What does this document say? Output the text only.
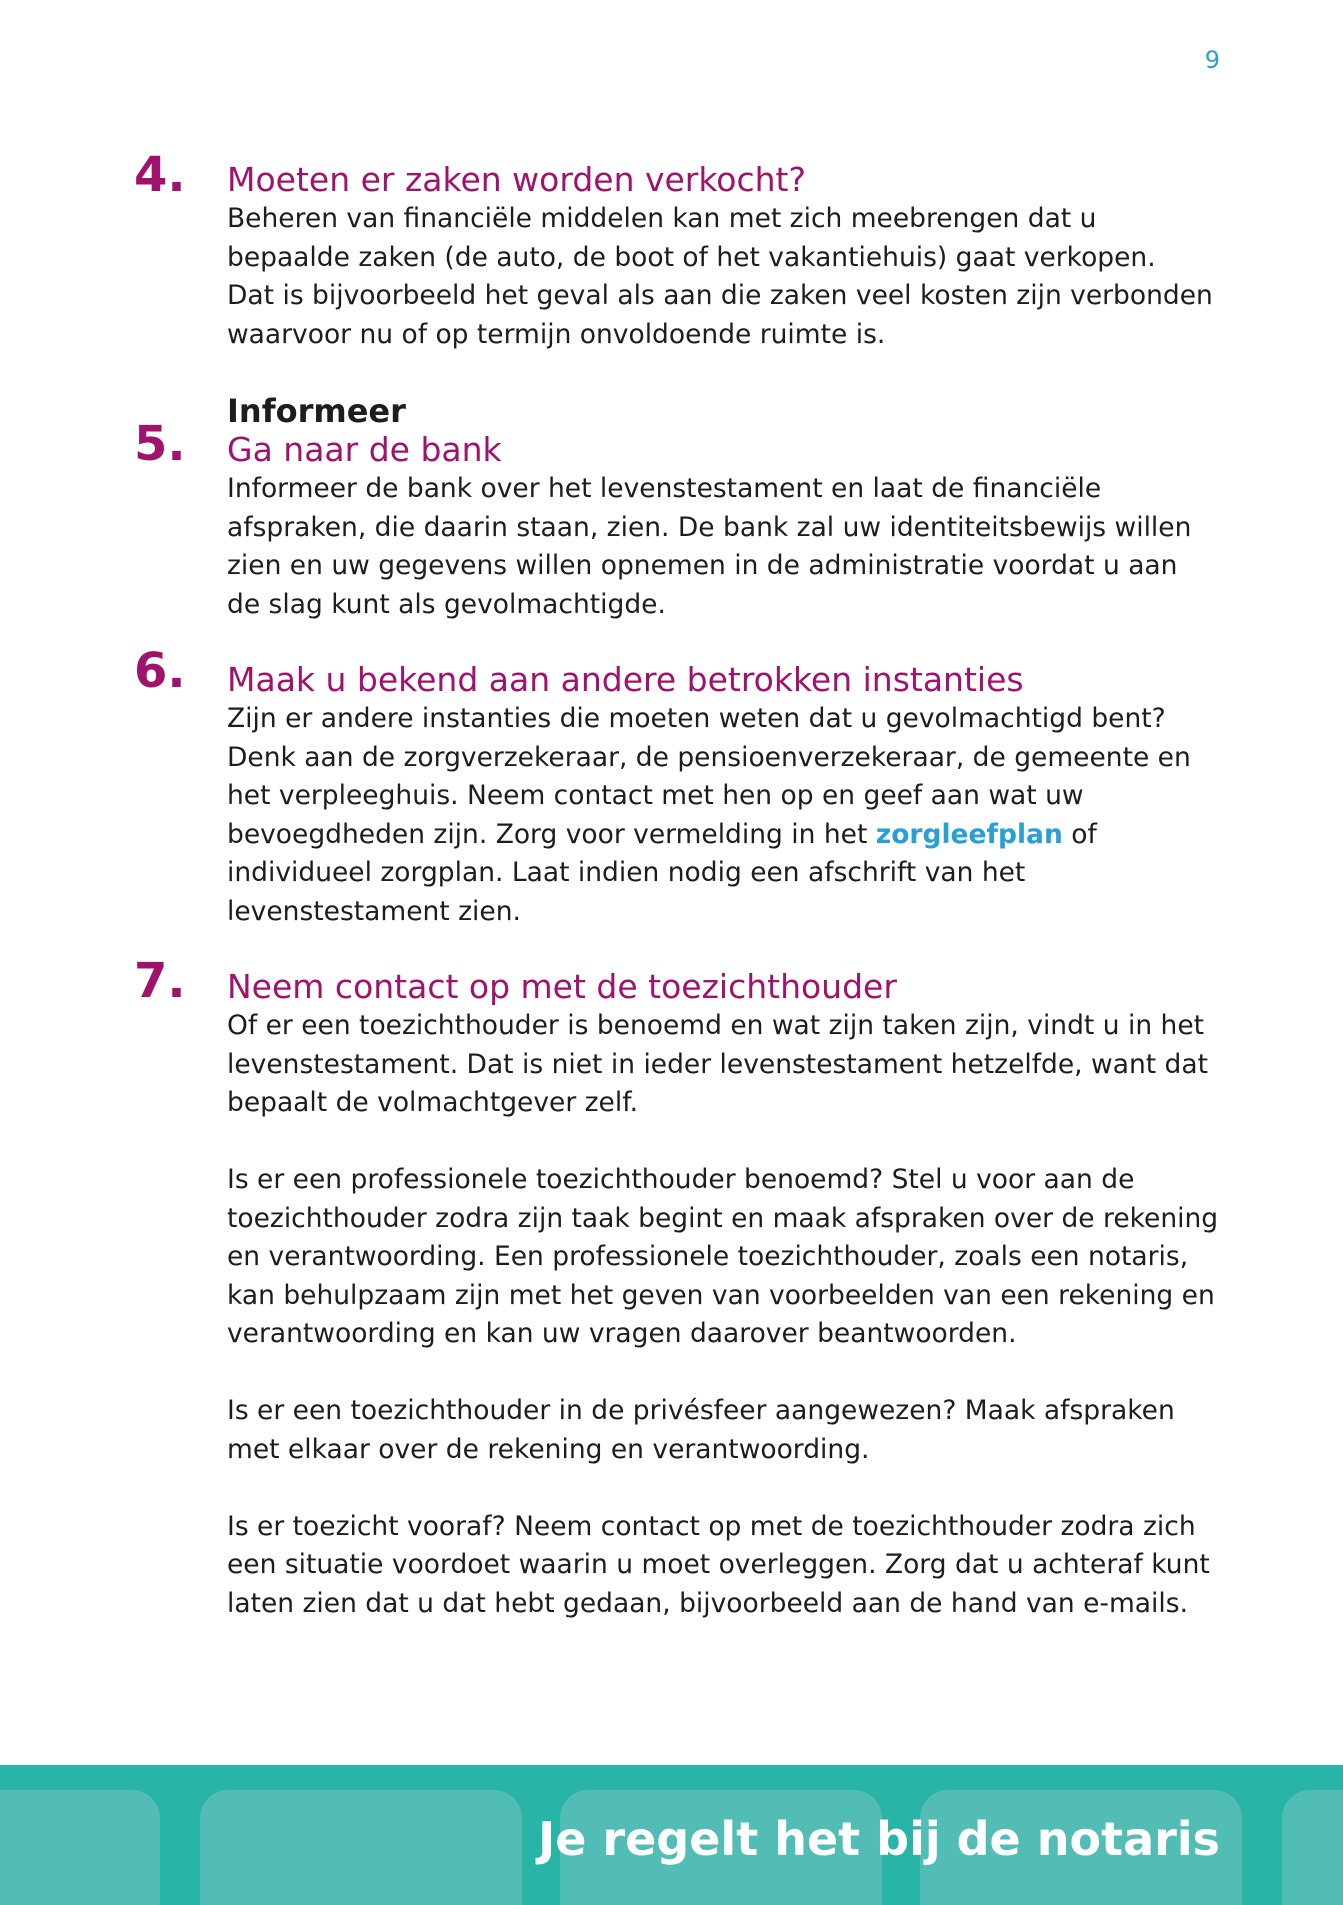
9
4. Moeten er zaken worden verkocht?

Beheren van financiële middelen kan met zich meebrengen dat u
bepaalde zaken (de auto, de boot of het vakantiehuis) gaat verkopen.
Dat is bijvoorbeeld het geval als aan die zaken veel kosten zijn verbonden
waarvoor nu of op termijn onvoldoende ruimte is.

5.
Informeer
Ga naar de bank

Informeer de bank over het levenstestament en laat de financiële
afspraken, die daarin staan, zien. De bank zal uw identiteitsbewijs willen
zien en uw gegevens willen opnemen in de administratie voordat u aan
de slag kunt als gevolmachtigde.

6. Maak u bekend aan andere betrokken instanties

Zijn er andere instanties die moeten weten dat u gevolmachtigd bent?
Denk aan de zorgverzekeraar, de pensioenverzekeraar, de gemeente en
het verpleeghuis. Neem contact met hen op en geef aan wat uw
bevoegdheden zijn. Zorg voor vermelding in het zorgleefplan of
individueel zorgplan. Laat indien nodig een afschrift van het
levenstestament zien.

7. Neem contact op met de toezichthouder

Of er een toezichthouder is benoemd en wat zijn taken zijn, vindt u in het
levenstestament. Dat is niet in ieder levenstestament hetzelfde, want dat
bepaalt de volmachtgever zelf.

Is er een professionele toezichthouder benoemd? Stel u voor aan de
toezichthouder zodra zijn taak begint en maak afspraken over de rekening
en verantwoording. Een professionele toezichthouder, zoals een notaris,
kan behulpzaam zijn met het geven van voorbeelden van een rekening en
verantwoording en kan uw vragen daarover beantwoorden.

Is er een toezichthouder in de privésfeer aangewezen? Maak afspraken
met elkaar over de rekening en verantwoording.

Is er toezicht vooraf? Neem contact op met de toezichthouder zodra zich
een situatie voordoet waarin u moet overleggen. Zorg dat u achteraf kunt
laten zien dat u dat hebt gedaan, bijvoorbeeld aan de hand van e-mails.

Je regelt het bij de notaris
